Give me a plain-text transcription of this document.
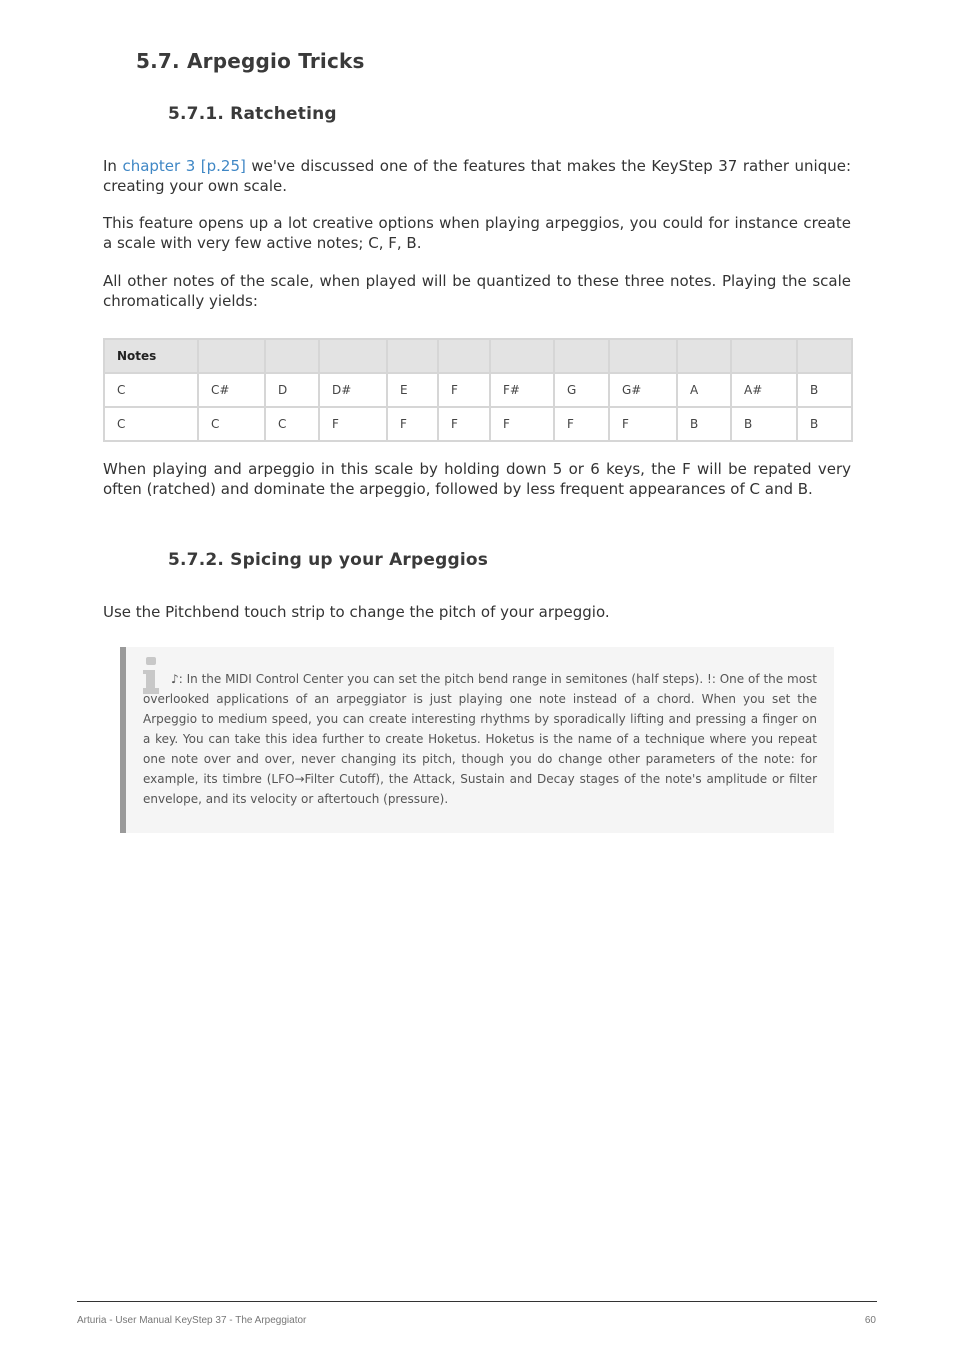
5.7. Arpeggio Tricks
5.7.1. Ratcheting

In chapter 3 [p.25] we've discussed one of the features that makes the KeyStep 37 rather unique: creating your own scale.

This feature opens up a lot creative options when playing arpeggios, you could for instance create a scale with very few active notes; C, F, B.

All other notes of the scale, when played will be quantized to these three notes. Playing the scale chromatically yields:

Notes											
C	C#	D	D#	E	F	F#	G	G#	A	A#	B
C	C	C	F	F	F	F	F	F	B	B	B

When playing and arpeggio in this scale by holding down 5 or 6 keys, the F will be repated very often (ratched) and dominate the arpeggio, followed by less frequent appearances of C and B.

5.7.2. Spicing up your Arpeggios

Use the Pitchbend touch strip to change the pitch of your arpeggio.

♪: In the MIDI Control Center you can set the pitch bend range in semitones (half steps). !: One of the most overlooked applications of an arpeggiator is just playing one note instead of a chord. When you set the Arpeggio to medium speed, you can create interesting rhythms by sporadically lifting and pressing a finger on a key. You can take this idea further to create Hoketus. Hoketus is the name of a technique where you repeat one note over and over, never changing its pitch, though you do change other parameters of the note: for example, its timbre (LFO→Filter Cutoff), the Attack, Sustain and Decay stages of the note's amplitude or filter envelope, and its velocity or aftertouch (pressure).

Arturia - User Manual KeyStep 37 - The Arpeggiator	60
